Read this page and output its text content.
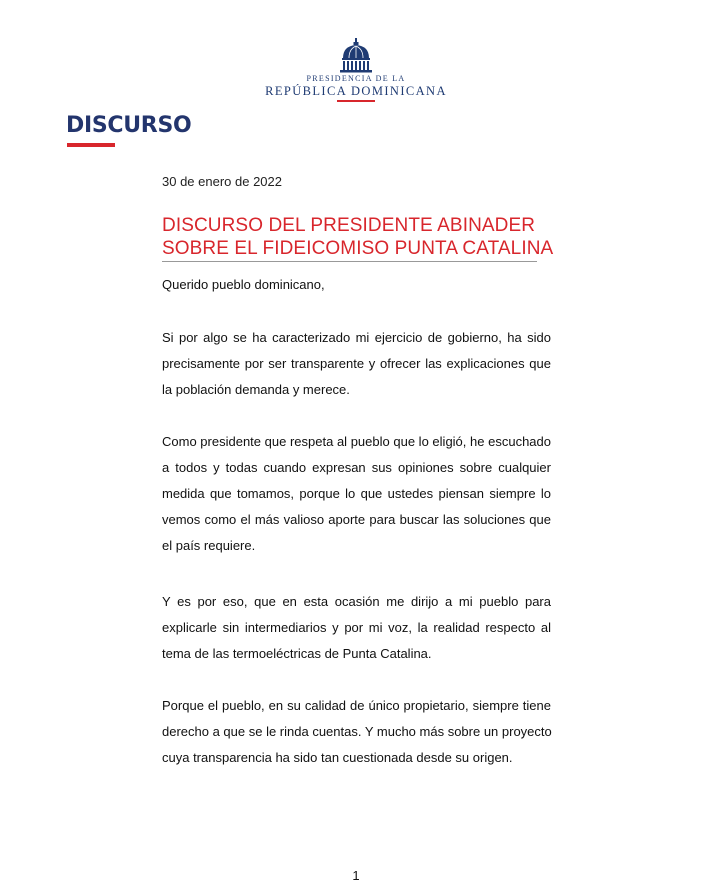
PRESIDENCIA DE LA
REPÚBLICA DOMINICANA
DISCURSO
30 de enero de 2022
DISCURSO DEL PRESIDENTE ABINADER
SOBRE EL FIDEICOMISO PUNTA CATALINA

Querido pueblo dominicano,

Si por algo se ha caracterizado mi ejercicio de gobierno, ha sido
precisamente por ser transparente y ofrecer las explicaciones que
la población demanda y merece.

Como presidente que respeta al pueblo que lo eligió, he escuchado
a todos y todas cuando expresan sus opiniones sobre cualquier
medida que tomamos, porque lo que ustedes piensan siempre lo
vemos como el más valioso aporte para buscar las soluciones que
el país requiere.

Y es por eso, que en esta ocasión me dirijo a mi pueblo para
explicarle sin intermediarios y por mi voz, la realidad respecto al
tema de las termoeléctricas de Punta Catalina.

Porque el pueblo, en su calidad de único propietario, siempre tiene
derecho a que se le rinda cuentas. Y mucho más sobre un proyecto
cuya transparencia ha sido tan cuestionada desde su origen.

1
